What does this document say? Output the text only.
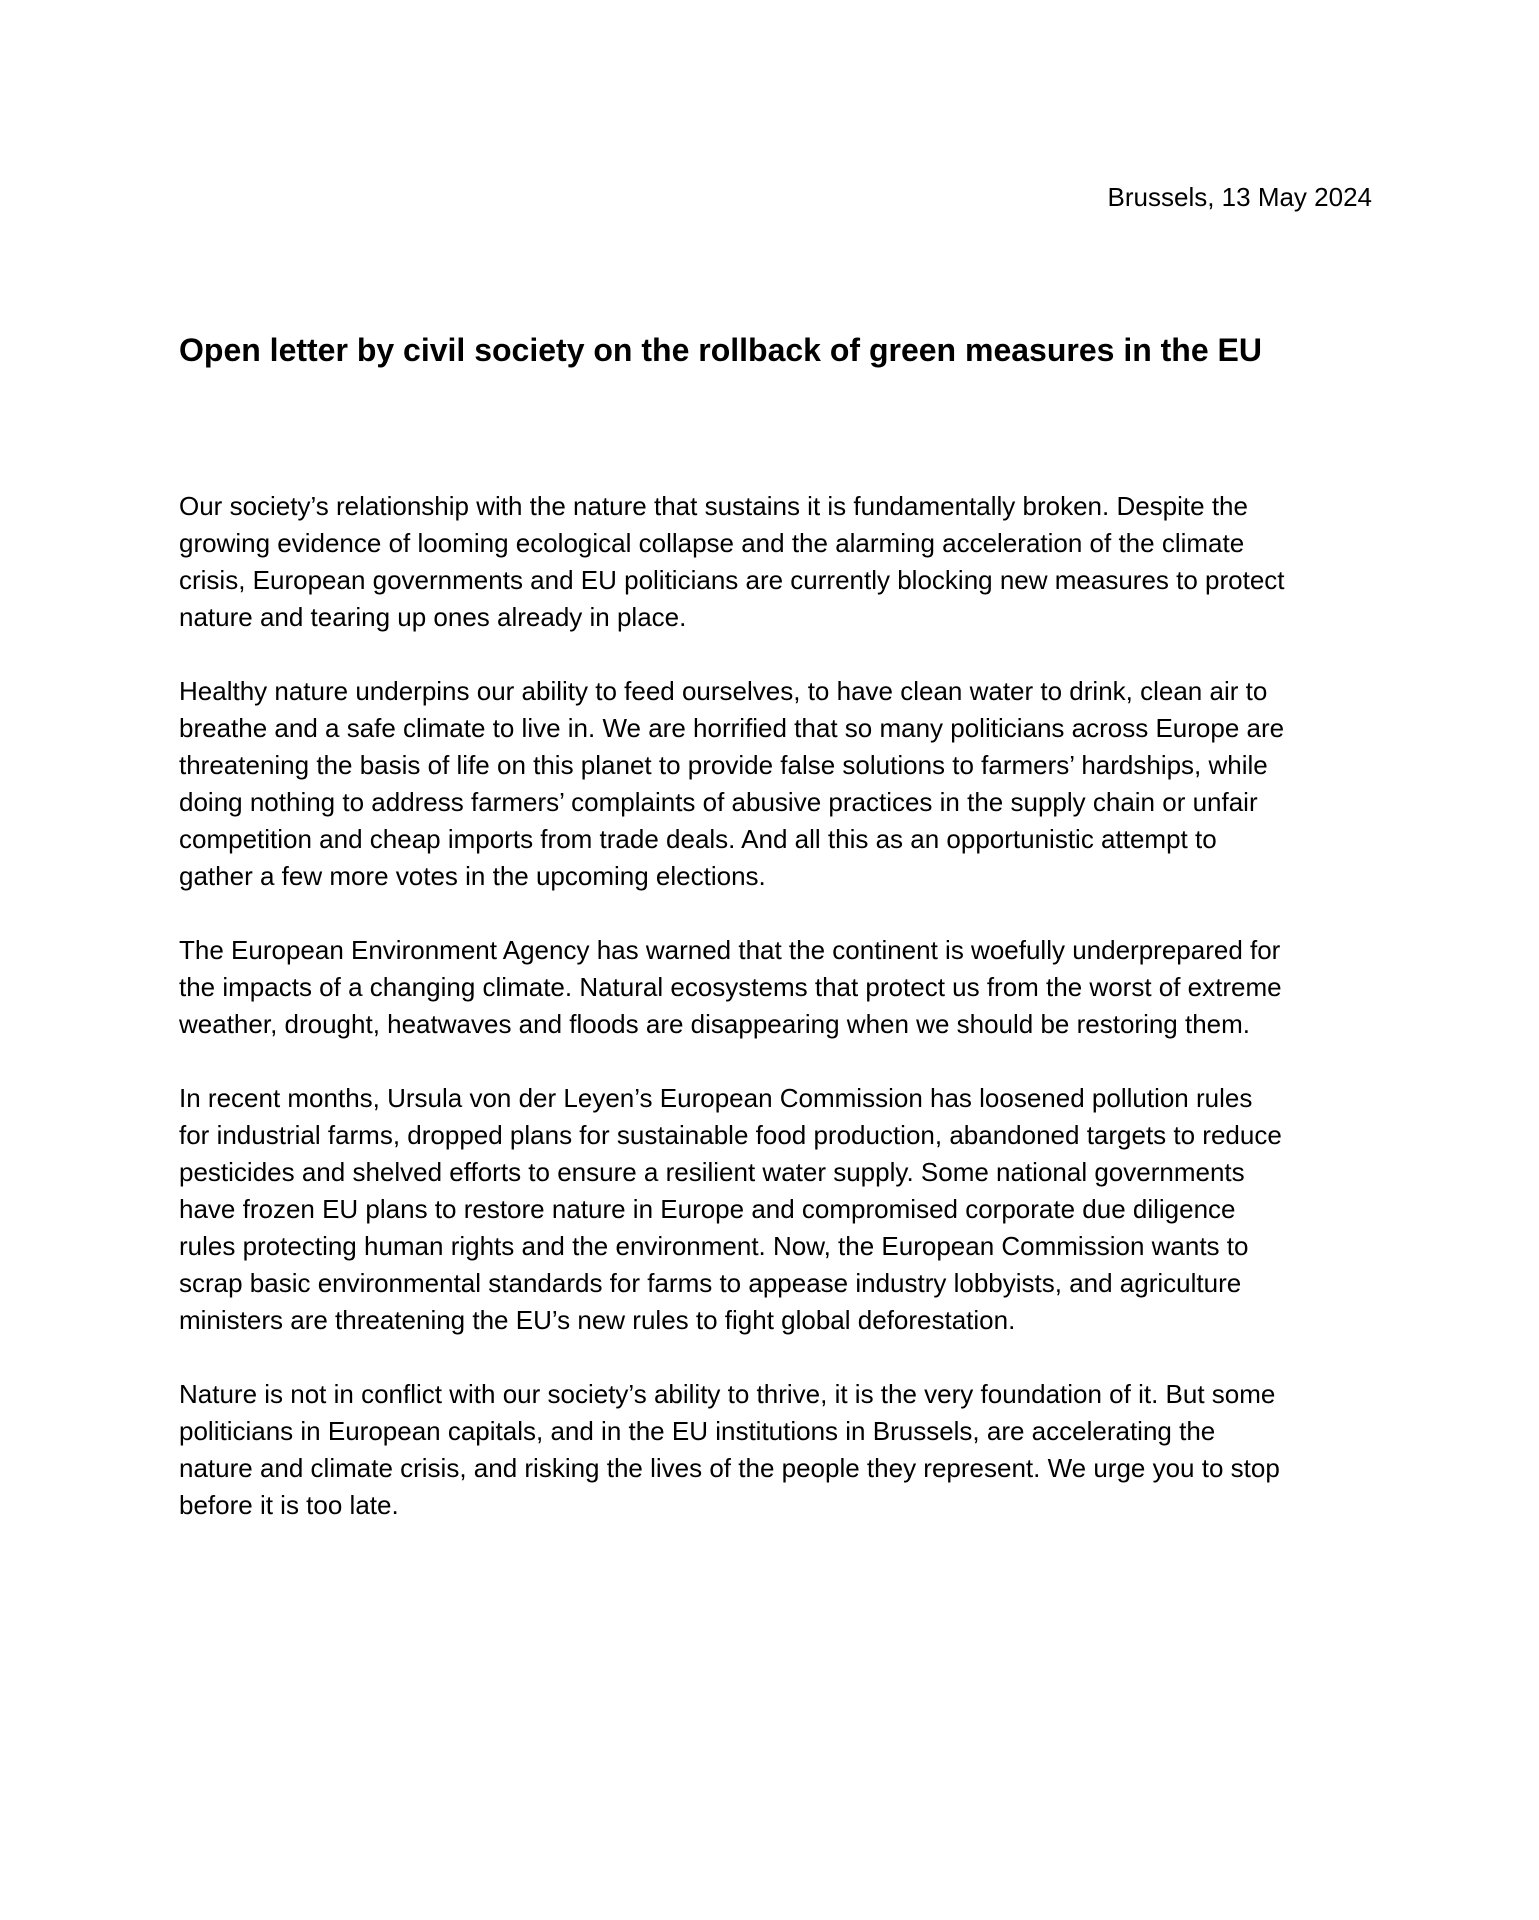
Brussels, 13 May 2024
Open letter by civil society on the rollback of green measures in the EU

Our society’s relationship with the nature that sustains it is fundamentally broken. Despite the
growing evidence of looming ecological collapse and the alarming acceleration of the climate
crisis, European governments and EU politicians are currently blocking new measures to protect
nature and tearing up ones already in place.

Healthy nature underpins our ability to feed ourselves, to have clean water to drink, clean air to
breathe and a safe climate to live in. We are horrified that so many politicians across Europe are
threatening the basis of life on this planet to provide false solutions to farmers’ hardships, while
doing nothing to address farmers’ complaints of abusive practices in the supply chain or unfair
competition and cheap imports from trade deals. And all this as an opportunistic attempt to
gather a few more votes in the upcoming elections.

The European Environment Agency has warned that the continent is woefully underprepared for
the impacts of a changing climate. Natural ecosystems that protect us from the worst of extreme
weather, drought, heatwaves and floods are disappearing when we should be restoring them.

In recent months, Ursula von der Leyen’s European Commission has loosened pollution rules
for industrial farms, dropped plans for sustainable food production, abandoned targets to reduce
pesticides and shelved efforts to ensure a resilient water supply. Some national governments
have frozen EU plans to restore nature in Europe and compromised corporate due diligence
rules protecting human rights and the environment. Now, the European Commission wants to
scrap basic environmental standards for farms to appease industry lobbyists, and agriculture
ministers are threatening the EU’s new rules to fight global deforestation.

Nature is not in conflict with our society’s ability to thrive, it is the very foundation of it. But some
politicians in European capitals, and in the EU institutions in Brussels, are accelerating the
nature and climate crisis, and risking the lives of the people they represent. We urge you to stop
before it is too late.
